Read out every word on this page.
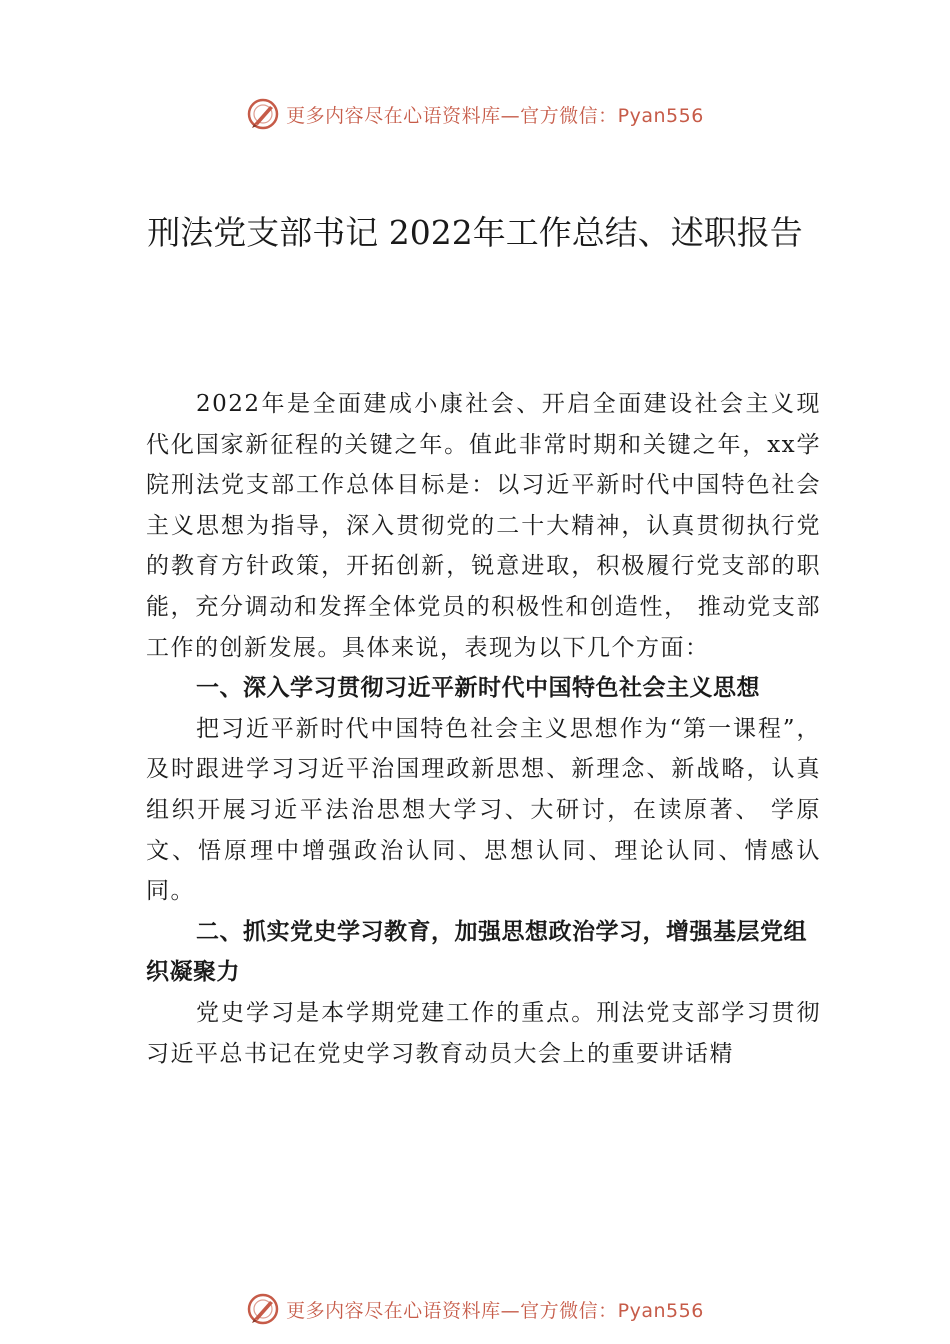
更多内容尽在心语资料库—官方微信：Pyan556
刑法党支部书记 2022年工作总结、述职报告

2022年是全面建成小康社会、开启全面建设社会主义现代化国家新征程的关键之年。值此非常时期和关键之年，xx学院刑法党支部工作总体目标是：以习近平新时代中国特色社会主义思想为指导，深入贯彻党的二十大精神，认真贯彻执行党的教育方针政策，开拓创新，锐意进取，积极履行党支部的职能，充分调动和发挥全体党员的积极性和创造性， 推动党支部工作的创新发展。具体来说，表现为以下几个方面：

一、深入学习贯彻习近平新时代中国特色社会主义思想

把习近平新时代中国特色社会主义思想作为“第一课程”，及时跟进学习习近平治国理政新思想、新理念、新战略，认真组织开展习近平法治思想大学习、大研讨，在读原著、 学原文、悟原理中增强政治认同、思想认同、理论认同、情感认同。

二、抓实党史学习教育，加强思想政治学习，增强基层党组织凝聚力

党史学习是本学期党建工作的重点。刑法党支部学习贯彻习近平总书记在党史学习教育动员大会上的重要讲话精

更多内容尽在心语资料库—官方微信：Pyan556
